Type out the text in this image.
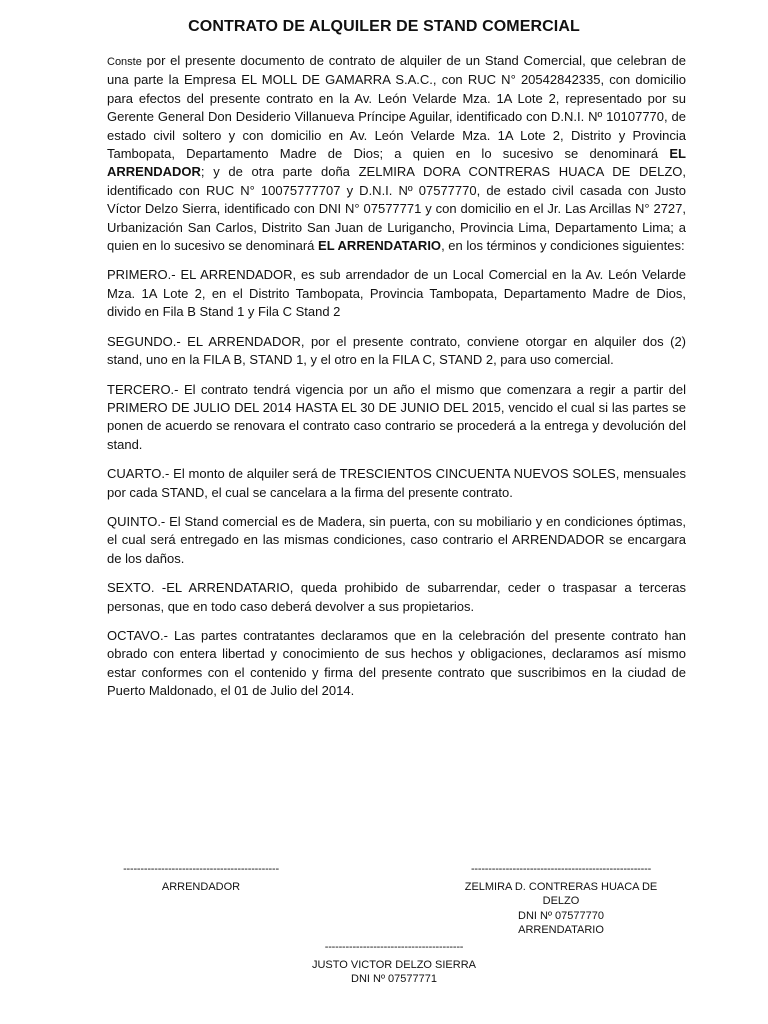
CONTRATO DE ALQUILER DE STAND COMERCIAL

Conste por el presente documento de contrato de alquiler de un Stand Comercial, que celebran de una parte la Empresa EL MOLL DE GAMARRA S.A.C., con RUC N° 20542842335, con domicilio para efectos del presente contrato en la Av. León Velarde Mza. 1A Lote 2, representado por su Gerente General Don Desiderio Villanueva Príncipe Aguilar, identificado con D.N.I. Nº 10107770, de estado civil soltero y con domicilio en Av. León Velarde Mza. 1A Lote 2, Distrito y Provincia Tambopata, Departamento Madre de Dios; a quien en lo sucesivo se denominará EL ARRENDADOR; y de otra parte doña ZELMIRA DORA CONTRERAS HUACA DE DELZO, identificado con RUC N° 10075777707 y D.N.I. Nº 07577770, de estado civil casada con Justo Víctor Delzo Sierra, identificado con DNI N° 07577771 y con domicilio en el Jr. Las Arcillas N° 2727, Urbanización San Carlos, Distrito San Juan de Lurigancho, Provincia Lima, Departamento Lima; a quien en lo sucesivo se denominará EL ARRENDATARIO, en los términos y condiciones siguientes:

PRIMERO.- EL ARRENDADOR, es sub arrendador de un Local Comercial en la Av. León Velarde Mza. 1A Lote 2, en el Distrito Tambopata, Provincia Tambopata, Departamento Madre de Dios, divido en Fila B Stand 1 y Fila C Stand 2

SEGUNDO.- EL ARRENDADOR, por el presente contrato, conviene otorgar en alquiler dos (2) stand, uno en la FILA B, STAND 1, y el otro en la FILA C, STAND 2, para uso comercial.

TERCERO.- El contrato tendrá vigencia por un año el mismo que comenzara a regir a partir del PRIMERO DE JULIO DEL 2014 HASTA EL 30 DE JUNIO DEL 2015, vencido el cual si las partes se ponen de acuerdo se renovara el contrato caso contrario se procederá a la entrega y devolución del stand.

CUARTO.- El monto de alquiler será de TRESCIENTOS CINCUENTA NUEVOS SOLES, mensuales por cada STAND, el cual se cancelara a la firma del presente contrato.

QUINTO.- El Stand comercial es de Madera, sin puerta, con su mobiliario y en condiciones óptimas, el cual será entregado en las mismas condiciones, caso contrario el ARRENDADOR se encargara de los daños.

SEXTO. -EL ARRENDATARIO, queda prohibido de subarrendar, ceder o traspasar a terceras personas, que en todo caso deberá devolver a sus propietarios.

OCTAVO.- Las partes contratantes declaramos que en la celebración del presente contrato han obrado con entera libertad y conocimiento de sus hechos y obligaciones, declaramos así mismo estar conformes con el contenido y firma del presente contrato que suscribimos en la ciudad de Puerto Maldonado, el 01 de Julio del 2014.

---------------------------------------------
ARRENDADOR
----------------------------------------------------
ZELMIRA D. CONTRERAS HUACA DE DELZO
DNI Nº 07577770
ARRENDATARIO
----------------------------------------
JUSTO VICTOR DELZO SIERRA
DNI Nº 07577771
